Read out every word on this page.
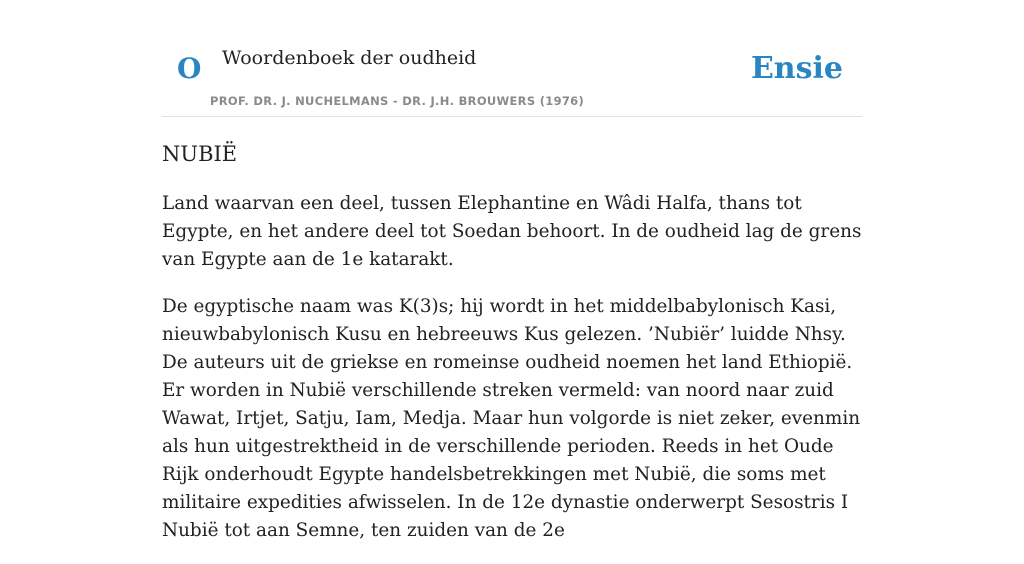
O Woordenboek der oudheid
PROF. DR. J. NUCHELMANS - DR. J.H. BROUWERS (1976)
Ensie
NUBIË

Land waarvan een deel, tussen Elephantine en Wâdi Halfa, thans tot Egypte, en het andere deel tot Soedan behoort. In de oudheid lag de grens van Egypte aan de 1e katarakt.

De egyptische naam was K(3)s; hij wordt in het middelbabylonisch Kasi, nieuwbabylonisch Kusu en hebreeuws Kus gelezen. ’Nubiër’ luidde Nhsy. De auteurs uit de griekse en romeinse oudheid noemen het land Ethiopië. Er worden in Nubië verschillende streken vermeld: van noord naar zuid Wawat, Irtjet, Satju, Iam, Medja. Maar hun volgorde is niet zeker, evenmin als hun uitgestrektheid in de verschillende perioden. Reeds in het Oude Rijk onderhoudt Egypte handelsbetrekkingen met Nubië, die soms met militaire expedities afwisselen. In de 12e dynastie onderwerpt Sesostris I Nubië tot aan Semne, ten zuiden van de 2e
